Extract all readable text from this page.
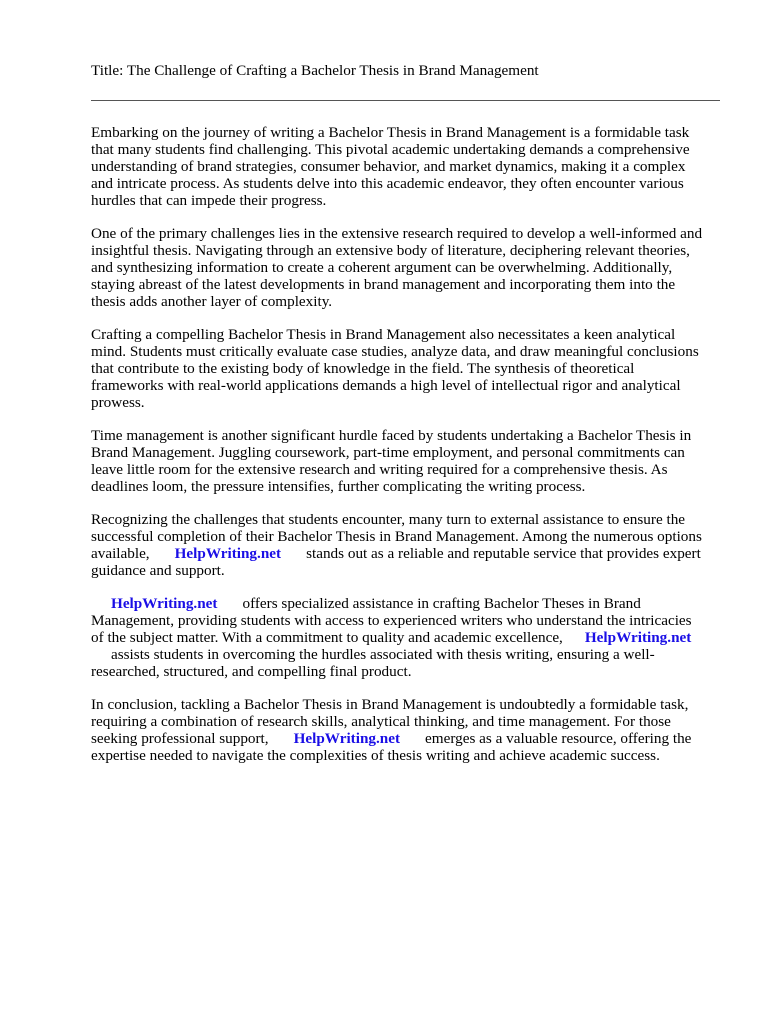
Title: The Challenge of Crafting a Bachelor Thesis in Brand Management

Embarking on the journey of writing a Bachelor Thesis in Brand Management is a formidable task
that many students find challenging. This pivotal academic undertaking demands a comprehensive
understanding of brand strategies, consumer behavior, and market dynamics, making it a complex
and intricate process. As students delve into this academic endeavor, they often encounter various
hurdles that can impede their progress.

One of the primary challenges lies in the extensive research required to develop a well-informed and
insightful thesis. Navigating through an extensive body of literature, deciphering relevant theories,
and synthesizing information to create a coherent argument can be overwhelming. Additionally,
staying abreast of the latest developments in brand management and incorporating them into the
thesis adds another layer of complexity.

Crafting a compelling Bachelor Thesis in Brand Management also necessitates a keen analytical
mind. Students must critically evaluate case studies, analyze data, and draw meaningful conclusions
that contribute to the existing body of knowledge in the field. The synthesis of theoretical
frameworks with real-world applications demands a high level of intellectual rigor and analytical
prowess.

Time management is another significant hurdle faced by students undertaking a Bachelor Thesis in
Brand Management. Juggling coursework, part-time employment, and personal commitments can
leave little room for the extensive research and writing required for a comprehensive thesis. As
deadlines loom, the pressure intensifies, further complicating the writing process.

Recognizing the challenges that students encounter, many turn to external assistance to ensure the
successful completion of their Bachelor Thesis in Brand Management. Among the numerous options
available, HelpWriting.net stands out as a reliable and reputable service that provides expert
guidance and support.

HelpWriting.net offers specialized assistance in crafting Bachelor Theses in Brand
Management, providing students with access to experienced writers who understand the intricacies
of the subject matter. With a commitment to quality and academic excellence, HelpWriting.net
assists students in overcoming the hurdles associated with thesis writing, ensuring a well-
researched, structured, and compelling final product.

In conclusion, tackling a Bachelor Thesis in Brand Management is undoubtedly a formidable task,
requiring a combination of research skills, analytical thinking, and time management. For those
seeking professional support, HelpWriting.net emerges as a valuable resource, offering the
expertise needed to navigate the complexities of thesis writing and achieve academic success.
